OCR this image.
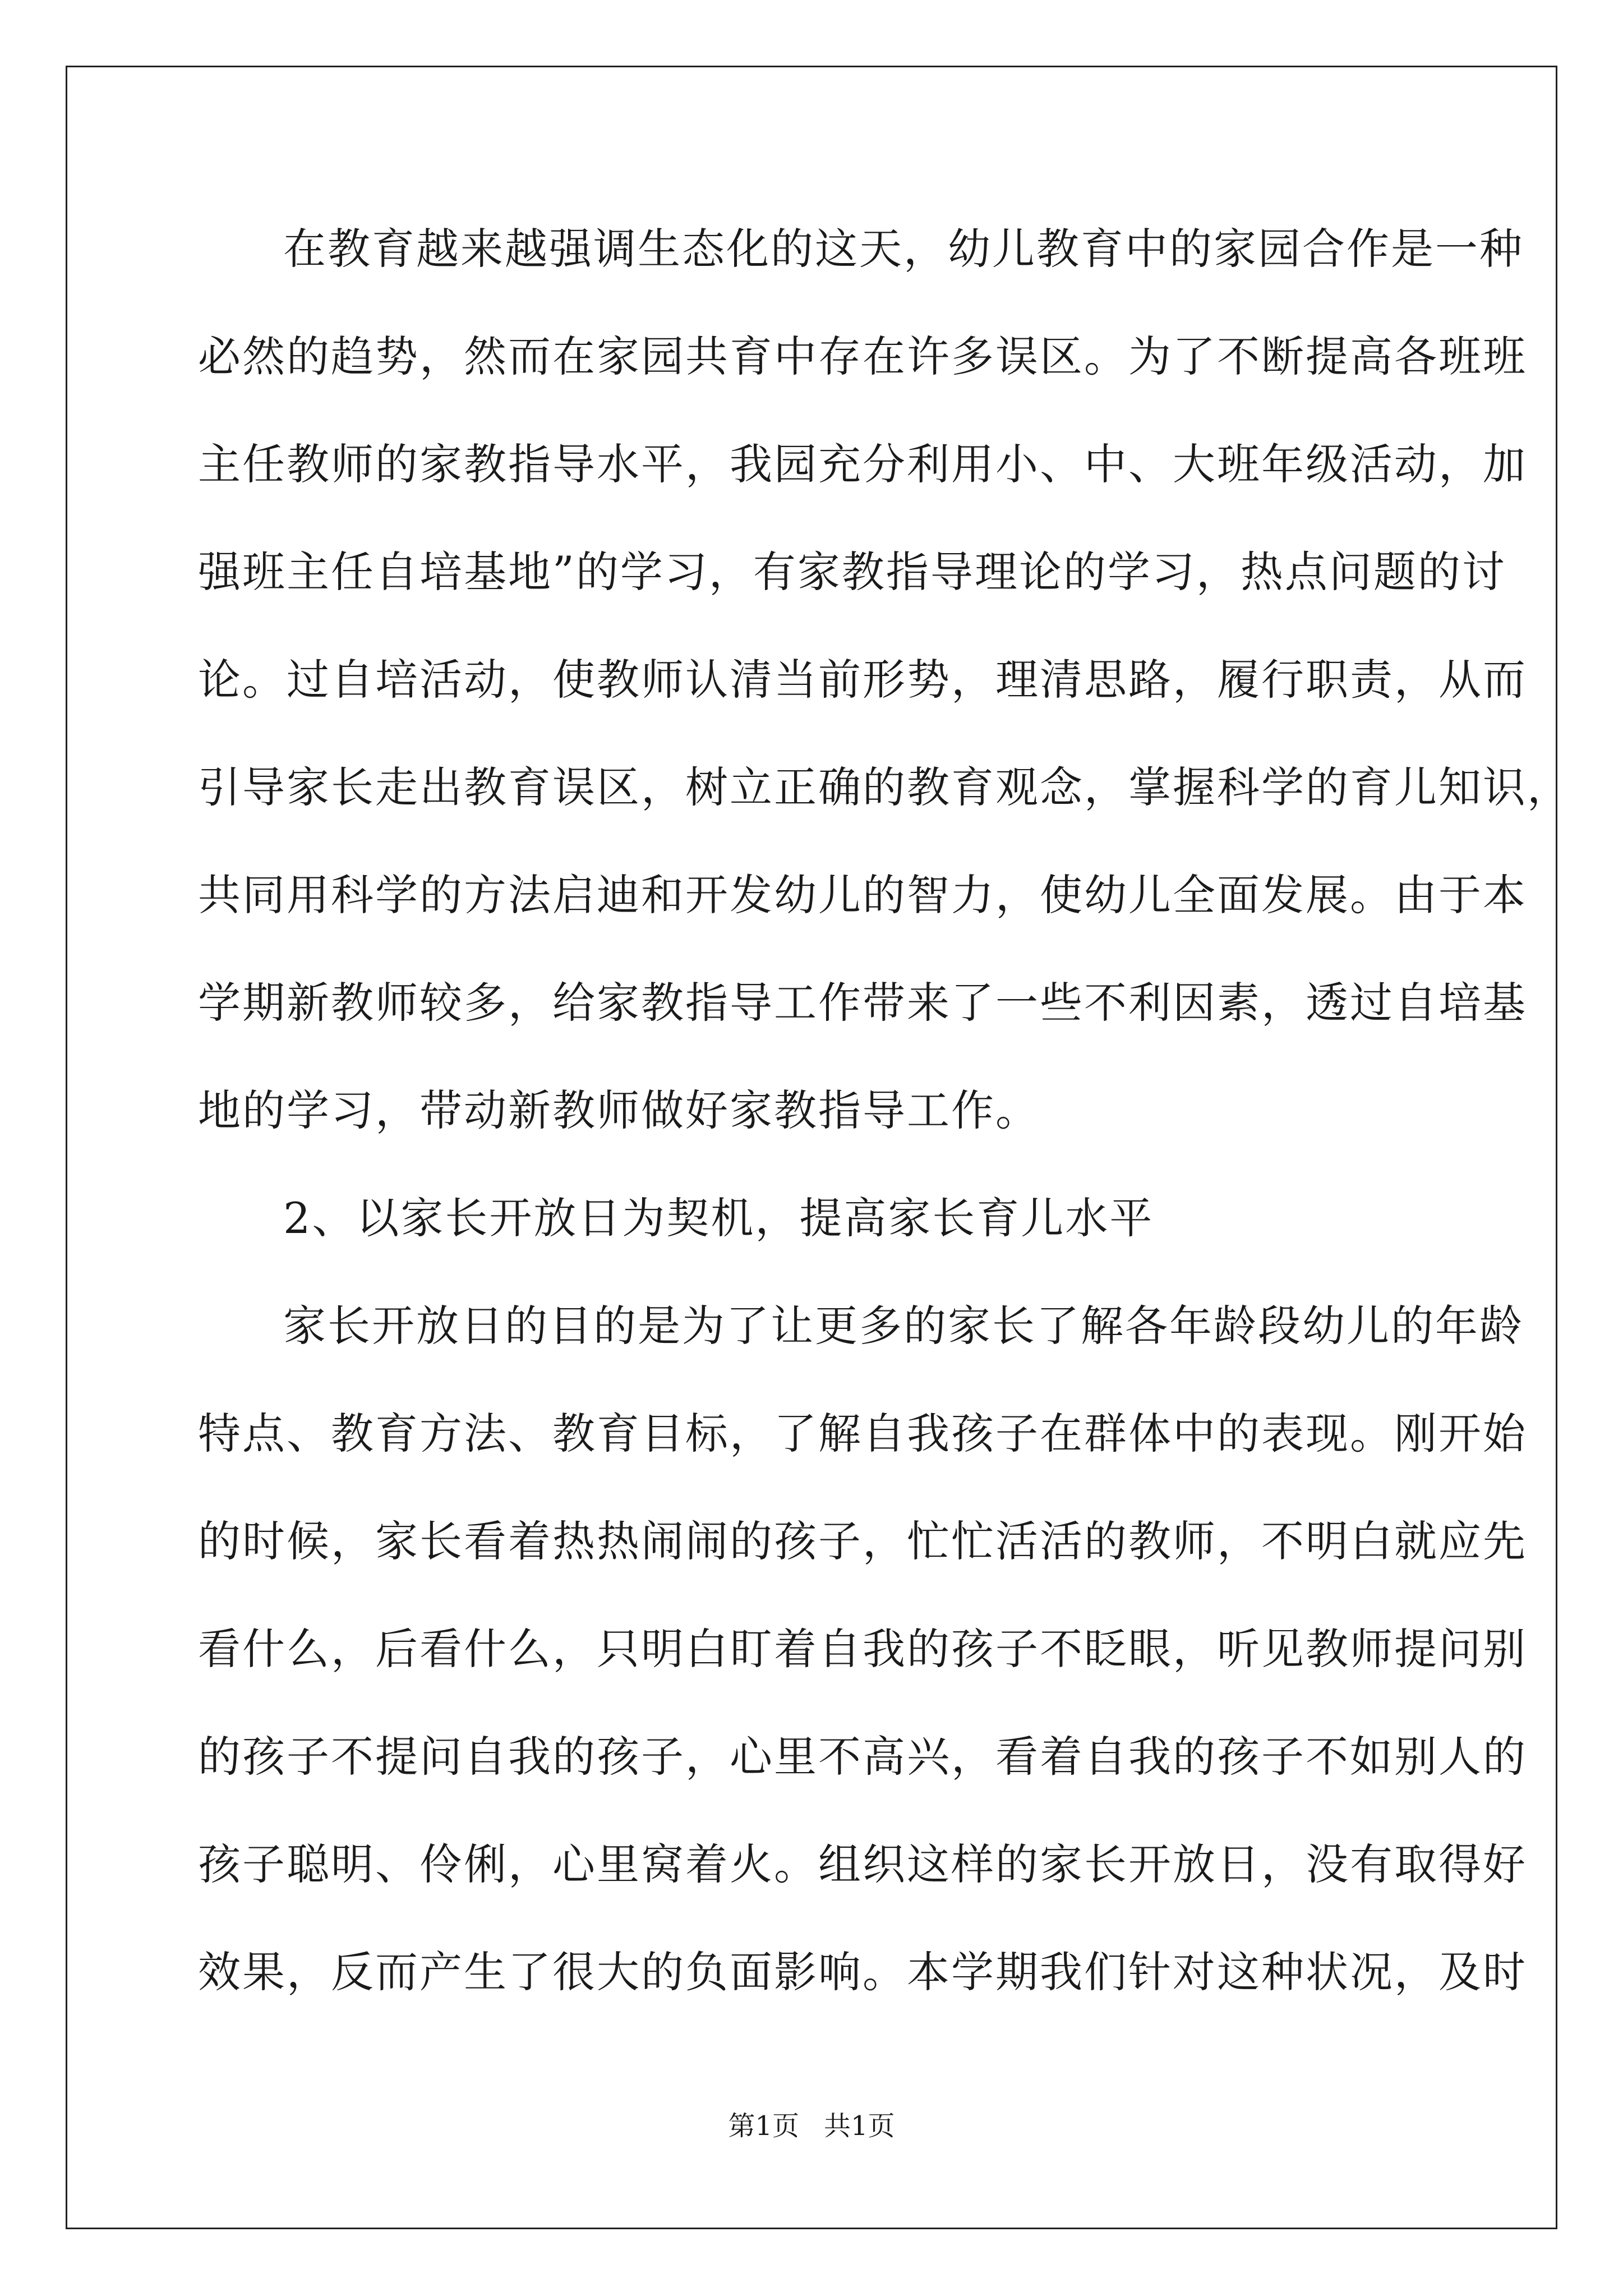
在教育越来越强调生态化的这天，幼儿教育中的家园合作是一种
必然的趋势，然而在家园共育中存在许多误区。为了不断提高各班班
主任教师的家教指导水平，我园充分利用小、中、大班年级活动，加
强班主任自培基地”的学习，有家教指导理论的学习，热点问题的讨
论。过自培活动，使教师认清当前形势，理清思路，履行职责，从而
引导家长走出教育误区，树立正确的教育观念，掌握科学的育儿知识，
共同用科学的方法启迪和开发幼儿的智力，使幼儿全面发展。由于本
学期新教师较多，给家教指导工作带来了一些不利因素，透过自培基
地的学习，带动新教师做好家教指导工作。
2、以家长开放日为契机，提高家长育儿水平
家长开放日的目的是为了让更多的家长了解各年龄段幼儿的年龄
特点、教育方法、教育目标，了解自我孩子在群体中的表现。刚开始
的时候，家长看着热热闹闹的孩子，忙忙活活的教师，不明白就应先
看什么，后看什么，只明白盯着自我的孩子不眨眼，听见教师提问别
的孩子不提问自我的孩子，心里不高兴，看着自我的孩子不如别人的
孩子聪明、伶俐，心里窝着火。组织这样的家长开放日，没有取得好
效果，反而产生了很大的负面影响。本学期我们针对这种状况，及时
第1页 共1页
